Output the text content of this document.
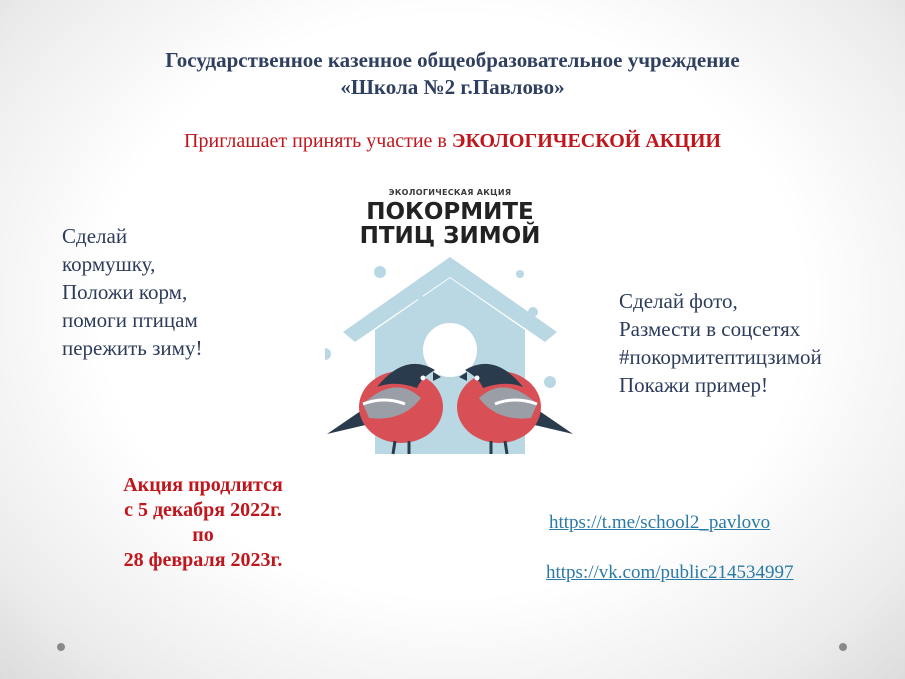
Государственное казенное общеобразовательное учреждение
«Школа №2 г.Павлово»
Приглашает принять участие в ЭКОЛОГИЧЕСКОЙ АКЦИИ
Сделай
кормушку,
Положи корм,
помоги птицам
пережить зиму!
ЭКОЛОГИЧЕСКАЯ АКЦИЯ
ПОКОРМИТЕ
ПТИЦ ЗИМОЙ
Сделай фото,
Размести в соцсетях
#покормитептицзимой
Покажи пример!
Акция продлится
с 5 декабря 2022г.
по
28 февраля 2023г.
https://t.me/school2_pavlovo
https://vk.com/public214534997
